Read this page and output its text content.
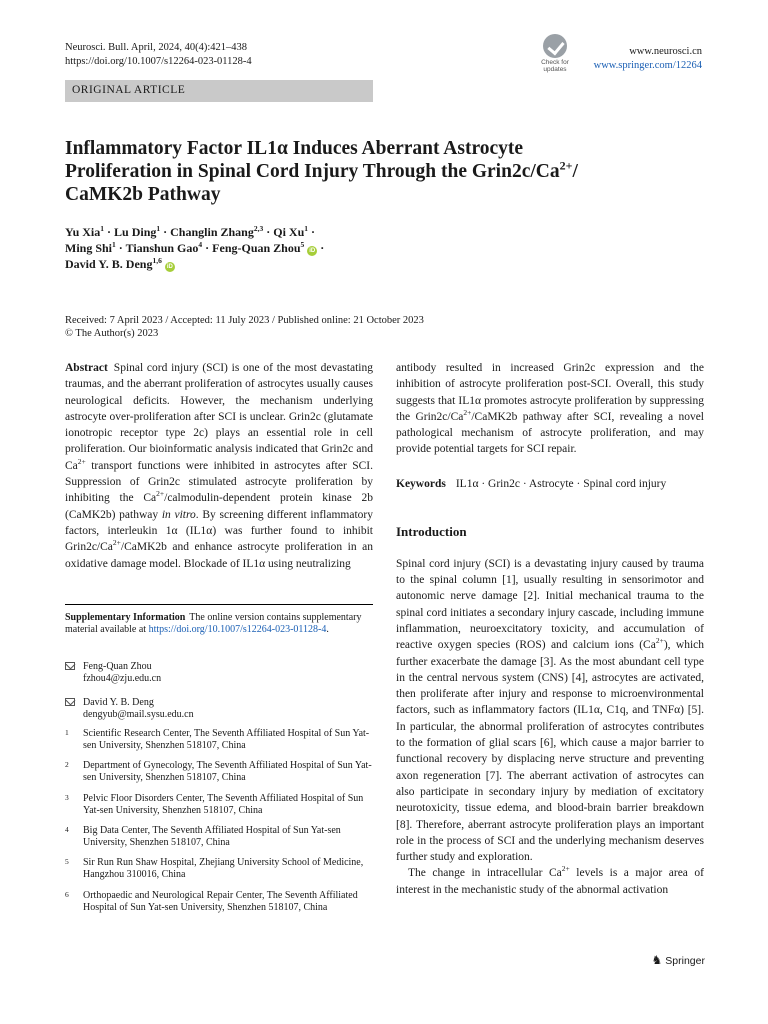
Neurosci. Bull. April, 2024, 40(4):421–438
https://doi.org/10.1007/s12264-023-01128-4	Check for updates
www.neurosci.cn
www.springer.com/12264
ORIGINAL ARTICLE
Inflammatory Factor IL1α Induces Aberrant Astrocyte
Proliferation in Spinal Cord Injury Through the $Grin2c/Ca^{2+}/$
CaMK2b Pathway
Yu Xia$^1$ · Lu Ding$^1$ · Changlin Zhang$^{2,3}$ · Qi $Xu^1$ ·
Ming Shi$^1$ · Tianshun Gao$^4$ · Feng-Quan Zhou$^5$ iD ·
David Y. B. Deng$^{1,6}$ iD
Received: 7 April 2023 / Accepted: 11 July 2023 / Published online: 21 October 2023
© The Author(s) 2023

Abstract Spinal cord injury (SCI) is one of the most devastating traumas, and the aberrant proliferation of astrocytes usually causes neurological deficits. However, the mechanism underlying astrocyte over-proliferation after SCI is unclear. Grin2c (glutamate ionotropic receptor type 2c) plays an essential role in cell proliferation. Our bioinformatic analysis indicated that Grin2c and $Ca^{2+}$ transport functions were inhibited in astrocytes after SCI. Suppression of Grin2c stimulated astrocyte proliferation by inhibiting the $Ca^{2+}/calmodulin$-dependent protein kinase 2b (CaMK2b) pathway in vitro. By screening different inflammatory factors, interleukin 1α (IL1α) was further found to inhibit $Grin2c/Ca^{2+}/CaMK2b$ and enhance astrocyte proliferation in an oxidative damage model. Blockade of IL1α using neutralizing

Supplementary Information The online version contains supplementary material available at https://doi.org/10.1007/s12264-023-01128-4.
Feng-Quan Zhou
fzhou4@zju.edu.cn
David Y. B. Deng
dengyub@mail.sysu.edu.cn
1 Scientific Research Center, The Seventh Affiliated Hospital of Sun Yat-sen University, Shenzhen 518107, China
2 Department of Gynecology, The Seventh Affiliated Hospital of Sun Yat-sen University, Shenzhen 518107, China
3 Pelvic Floor Disorders Center, The Seventh Affiliated Hospital of Sun Yat-sen University, Shenzhen 518107, China
4 Big Data Center, The Seventh Affiliated Hospital of Sun Yat-sen University, Shenzhen 518107, China
5 Sir Run Run Shaw Hospital, Zhejiang University School of Medicine, Hangzhou 310016, China
6 Orthopaedic and Neurological Repair Center, The Seventh Affiliated Hospital of Sun Yat-sen University, Shenzhen 518107, China

antibody resulted in increased Grin2c expression and the inhibition of astrocyte proliferation post-SCI. Overall, this study suggests that IL1α promotes astrocyte proliferation by suppressing the $Grin2c/Ca^{2+}/CaMK2b$ pathway after SCI, revealing a novel pathological mechanism of astrocyte proliferation, and may provide potential targets for SCI repair.

Keywords IL1α · Grin2c · Astrocyte · Spinal cord injury

Introduction

Spinal cord injury (SCI) is a devastating injury caused by trauma to the spinal column [1], usually resulting in sensorimotor and autonomic nerve damage [2]. Initial mechanical trauma to the spinal cord initiates a secondary injury cascade, including immune inflammation, neuroexcitatory toxicity, and accumulation of reactive oxygen species (ROS) and calcium ions $(Ca^{2+})$, which further exacerbate the damage [3]. As the most abundant cell type in the central nervous system (CNS) [4], astrocytes are activated, then proliferate after injury and response to microenvironmental factors, such as inflammatory factors (IL1α, C1q, and TNFα) [5]. In particular, the abnormal proliferation of astrocytes contributes to the formation of glial scars [6], which cause a major barrier to functional recovery by displacing nerve structure and preventing axon regeneration [7]. The aberrant activation of astrocytes can also participate in secondary injury by mediation of excitatory neurotoxicity, tissue edema, and blood-brain barrier breakdown [8]. Therefore, aberrant astrocyte proliferation plays an important role in the process of SCI and the underlying mechanism deserves further study and exploration.

The change in intracellular $Ca^{2+}$ levels is a major area of interest in the mechanistic study of the abnormal activation

♞ Springer
